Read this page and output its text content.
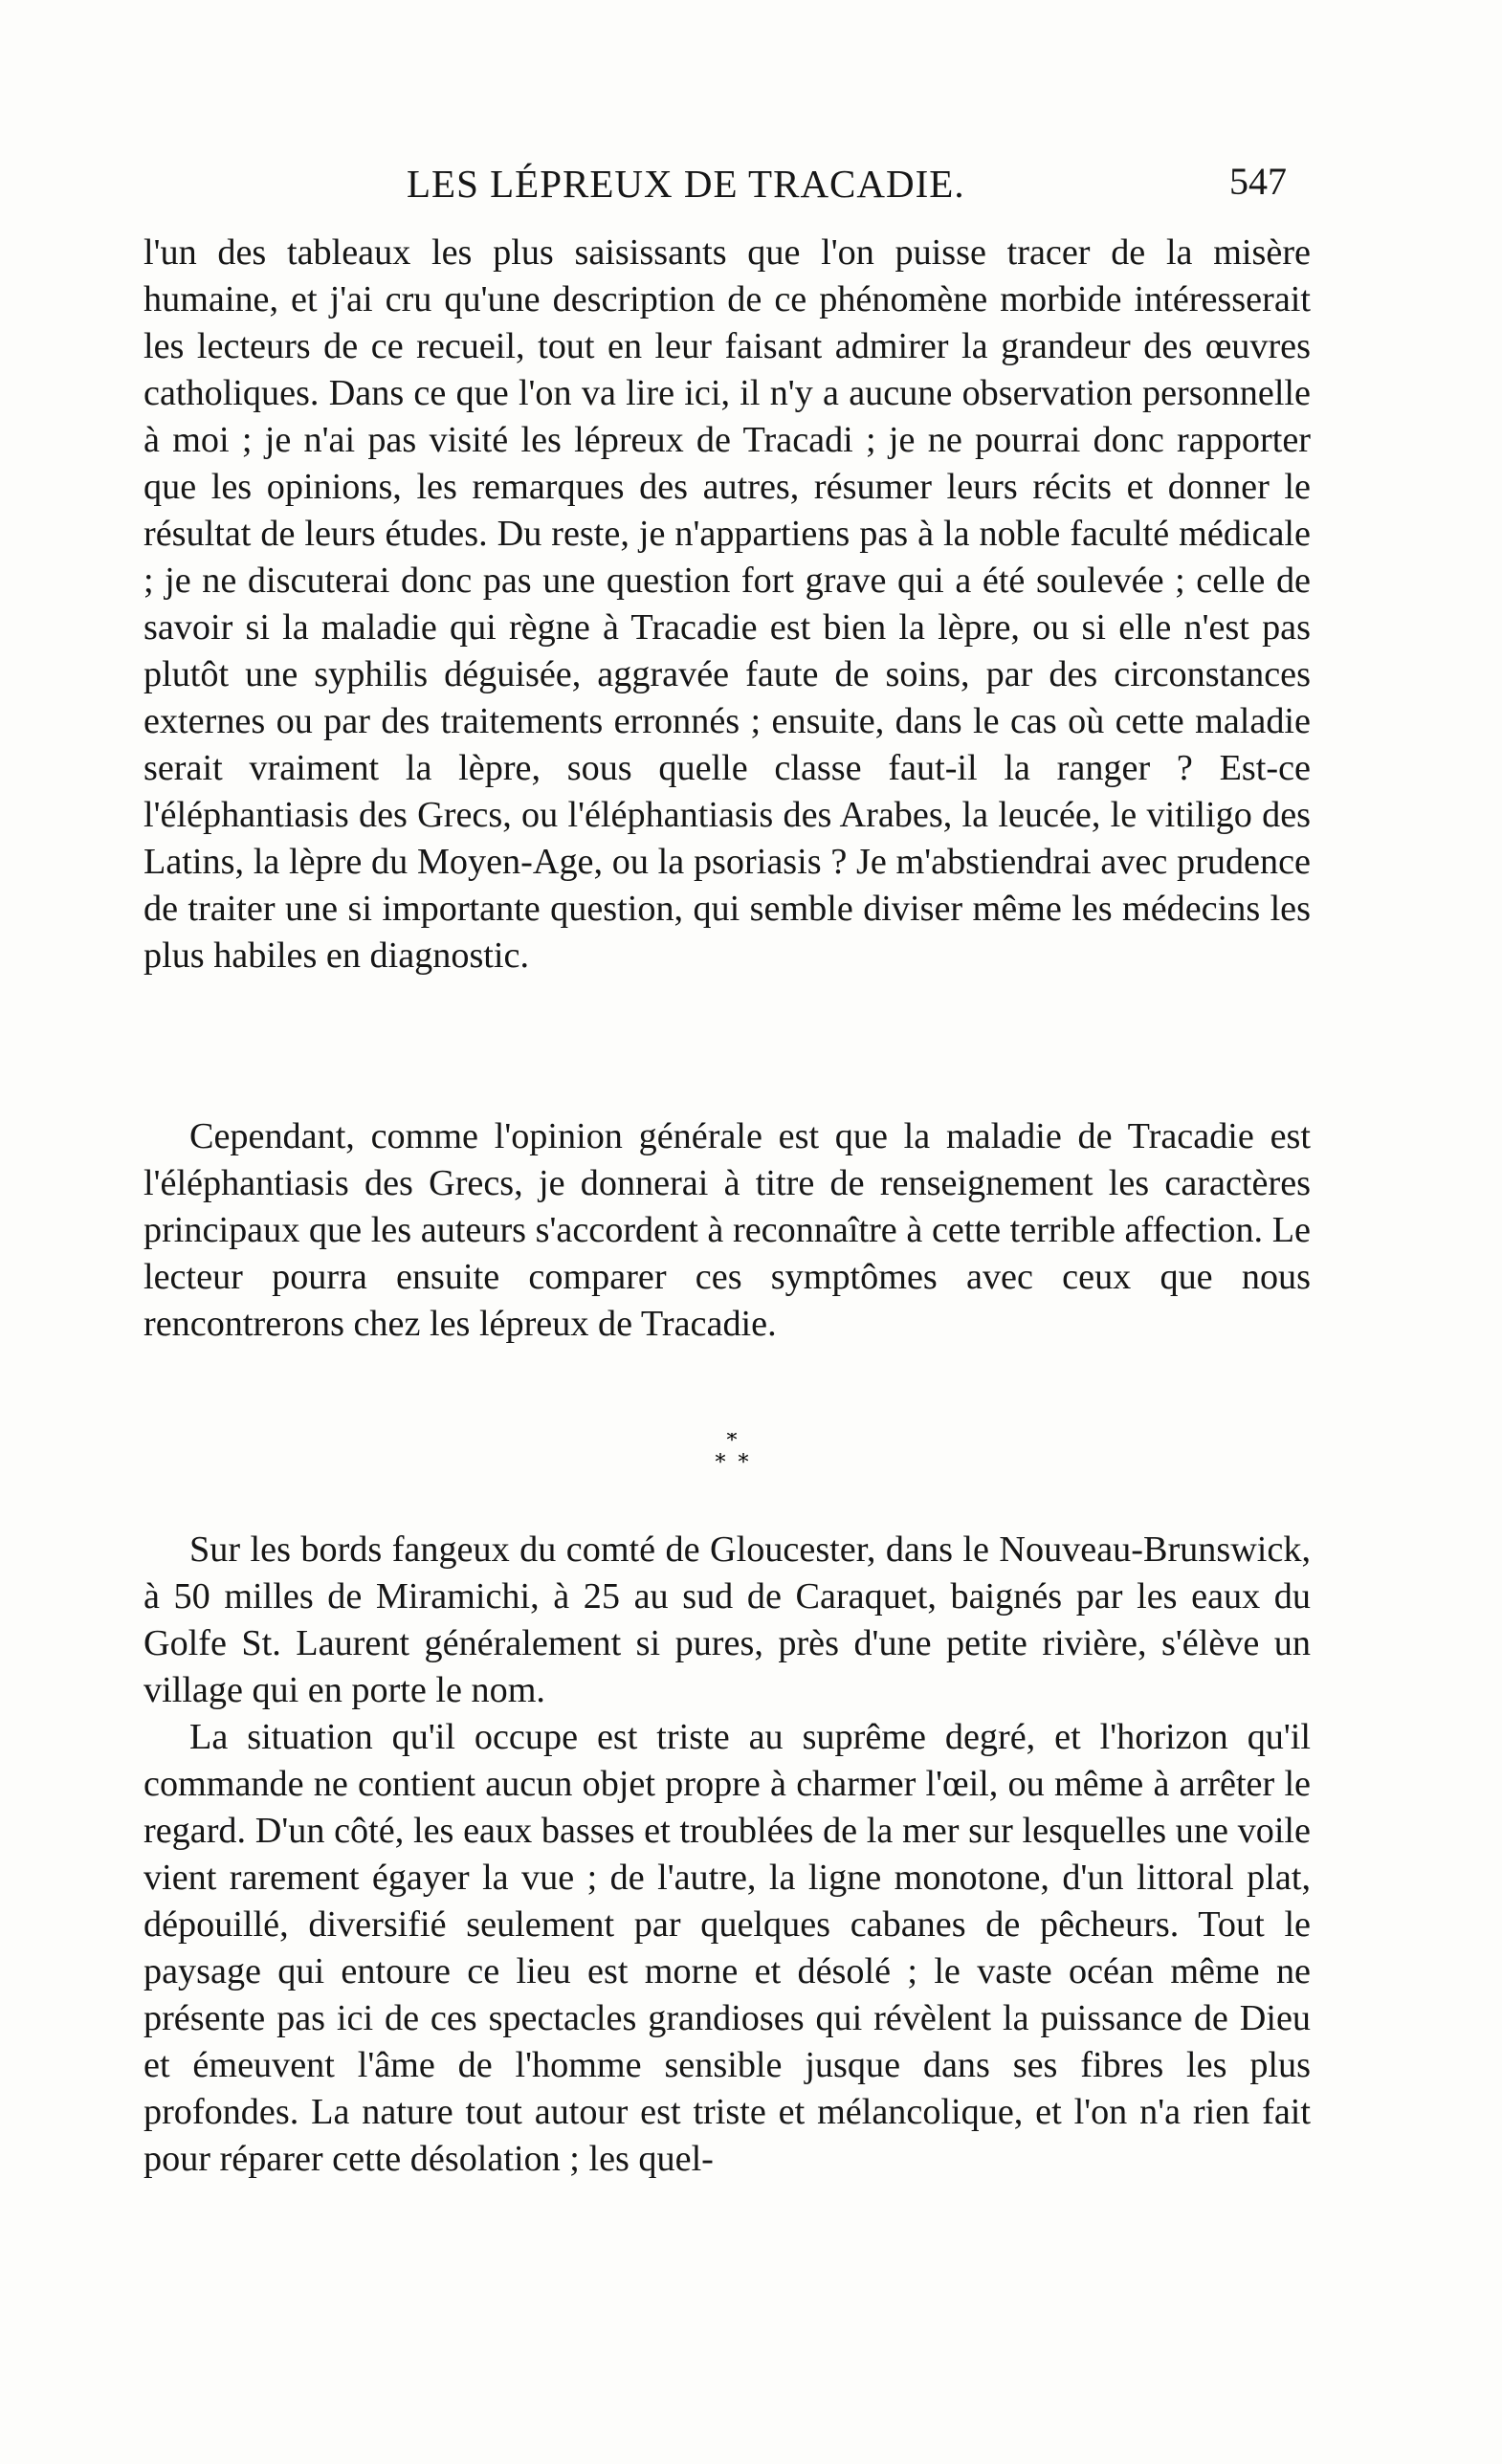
LES LÉPREUX DE TRACADIE.	547

l'un des tableaux les plus saisissants que l'on puisse tracer de la misère humaine, et j'ai cru qu'une description de ce phénomène morbide intéresserait les lecteurs de ce recueil, tout en leur faisant admirer la grandeur des œuvres catholiques. Dans ce que l'on va lire ici, il n'y a aucune observation personnelle à moi ; je n'ai pas visité les lépreux de Tracadi ; je ne pourrai donc rapporter que les opinions, les remarques des autres, résumer leurs récits et donner le résultat de leurs études. Du reste, je n'appartiens pas à la noble faculté médicale ; je ne discuterai donc pas une question fort grave qui a été soulevée ; celle de savoir si la maladie qui règne à Tracadie est bien la lèpre, ou si elle n'est pas plutôt une syphilis déguisée, aggravée faute de soins, par des circonstances externes ou par des traitements erronnés ; ensuite, dans le cas où cette maladie serait vraiment la lèpre, sous quelle classe faut-il la ranger ? Est-ce l'éléphantiasis des Grecs, ou l'éléphantiasis des Arabes, la leucée, le vitiligo des Latins, la lèpre du Moyen-Age, ou la psoriasis ? Je m'abstiendrai avec prudence de traiter une si importante question, qui semble diviser même les médecins les plus habiles en diagnostic.

Cependant, comme l'opinion générale est que la maladie de Tracadie est l'éléphantiasis des Grecs, je donnerai à titre de renseignement les caractères principaux que les auteurs s'accordent à reconnaître à cette terrible affection. Le lecteur pourra ensuite comparer ces symptômes avec ceux que nous rencontrerons chez les lépreux de Tracadie.

*
* *

Sur les bords fangeux du comté de Gloucester, dans le Nouveau-Brunswick, à 50 milles de Miramichi, à 25 au sud de Caraquet, baignés par les eaux du Golfe St. Laurent généralement si pures, près d'une petite rivière, s'élève un village qui en porte le nom.

La situation qu'il occupe est triste au suprême degré, et l'horizon qu'il commande ne contient aucun objet propre à charmer l'œil, ou même à arrêter le regard. D'un côté, les eaux basses et troublées de la mer sur lesquelles une voile vient rarement égayer la vue ; de l'autre, la ligne monotone, d'un littoral plat, dépouillé, diversifié seulement par quelques cabanes de pêcheurs. Tout le paysage qui entoure ce lieu est morne et désolé ; le vaste océan même ne présente pas ici de ces spectacles grandioses qui révèlent la puissance de Dieu et émeuvent l'âme de l'homme sensible jusque dans ses fibres les plus profondes. La nature tout autour est triste et mélancolique, et l'on n'a rien fait pour réparer cette désolation ; les quel-
